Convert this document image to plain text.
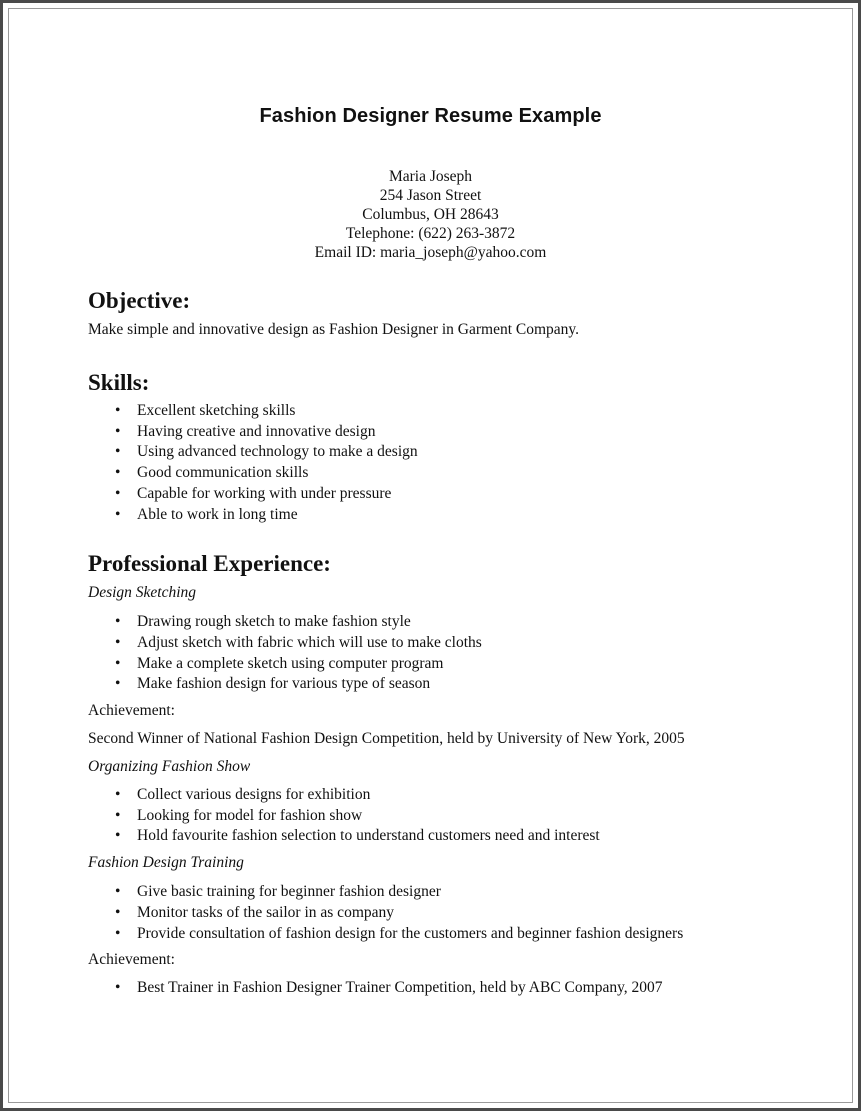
Fashion Designer Resume Example
Maria Joseph
254 Jason Street
Columbus, OH 28643
Telephone: (622) 263-3872
Email ID: maria_joseph@yahoo.com
Objective:

Make simple and innovative design as Fashion Designer in Garment Company.

Skills:
• Excellent sketching skills
• Having creative and innovative design
• Using advanced technology to make a design
• Good communication skills
• Capable for working with under pressure
• Able to work in long time
Professional Experience:

Design Sketching

• Drawing rough sketch to make fashion style
• Adjust sketch with fabric which will use to make cloths
• Make a complete sketch using computer program
• Make fashion design for various type of season

Achievement:

Second Winner of National Fashion Design Competition, held by University of New York, 2005

Organizing Fashion Show

• Collect various designs for exhibition
• Looking for model for fashion show
• Hold favourite fashion selection to understand customers need and interest

Fashion Design Training

• Give basic training for beginner fashion designer
• Monitor tasks of the sailor in as company
• Provide consultation of fashion design for the customers and beginner fashion designers

Achievement:

• Best Trainer in Fashion Designer Trainer Competition, held by ABC Company, 2007
